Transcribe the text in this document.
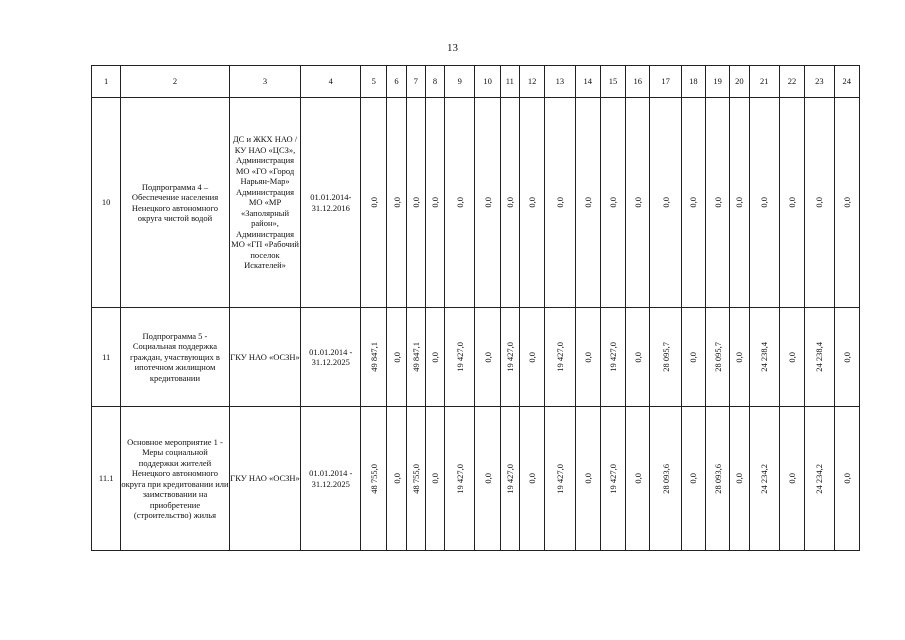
13
1	2	3	4	5	6	7	8	9	10	11	12	13	14	15	16	17	18	19	20	21	22	23	24
10	Подпрограмма 4 – Обеспечение населения Ненецкого автономного округа чистой водой	ДС и ЖКХ НАО /КУ НАО «ЦСЗ», Администрация МО «ГО «Город Нарьян-Мар» Администрация МО «МР «Заполярный район», Администрация МО «ГП «Рабочий поселок Искателей»	01.01.2014-31.12.2016	0,0	0,0	0,0	0,0	0,0	0,0	0,0	0,0	0,0	0,0	0,0	0,0	0,0	0,0	0,0	0,0	0,0	0,0	0,0	0,0

11	Подпрограмма 5 - Социальная поддержка граждан, участвующих в ипотечном жилищном кредитовании	ГКУ НАО «ОСЗН»	01.01.2014 - 31.12.2025	49 847,1	0,0	49 847,1	0,0	19 427,0	0,0	19 427,0	0,0	19 427,0	0,0	19 427,0	0,0	28 095,7	0,0	28 095,7	0,0	24 238,4	0,0	24 238,4	0,0

11.1	Основное мероприятие 1 - Меры социальной поддержки жителей Ненецкого автономного округа при кредитовании или заимствовании на приобретение (строительство) жилья	ГКУ НАО «ОСЗН»	01.01.2014 - 31.12.2025	48 755,0	0,0	48 755,0	0,0	19 427,0	0,0	19 427,0	0,0	19 427,0	0,0	19 427,0	0,0	28 093,6	0,0	28 093,6	0,0	24 234,2	0,0	24 234,2	0,0
